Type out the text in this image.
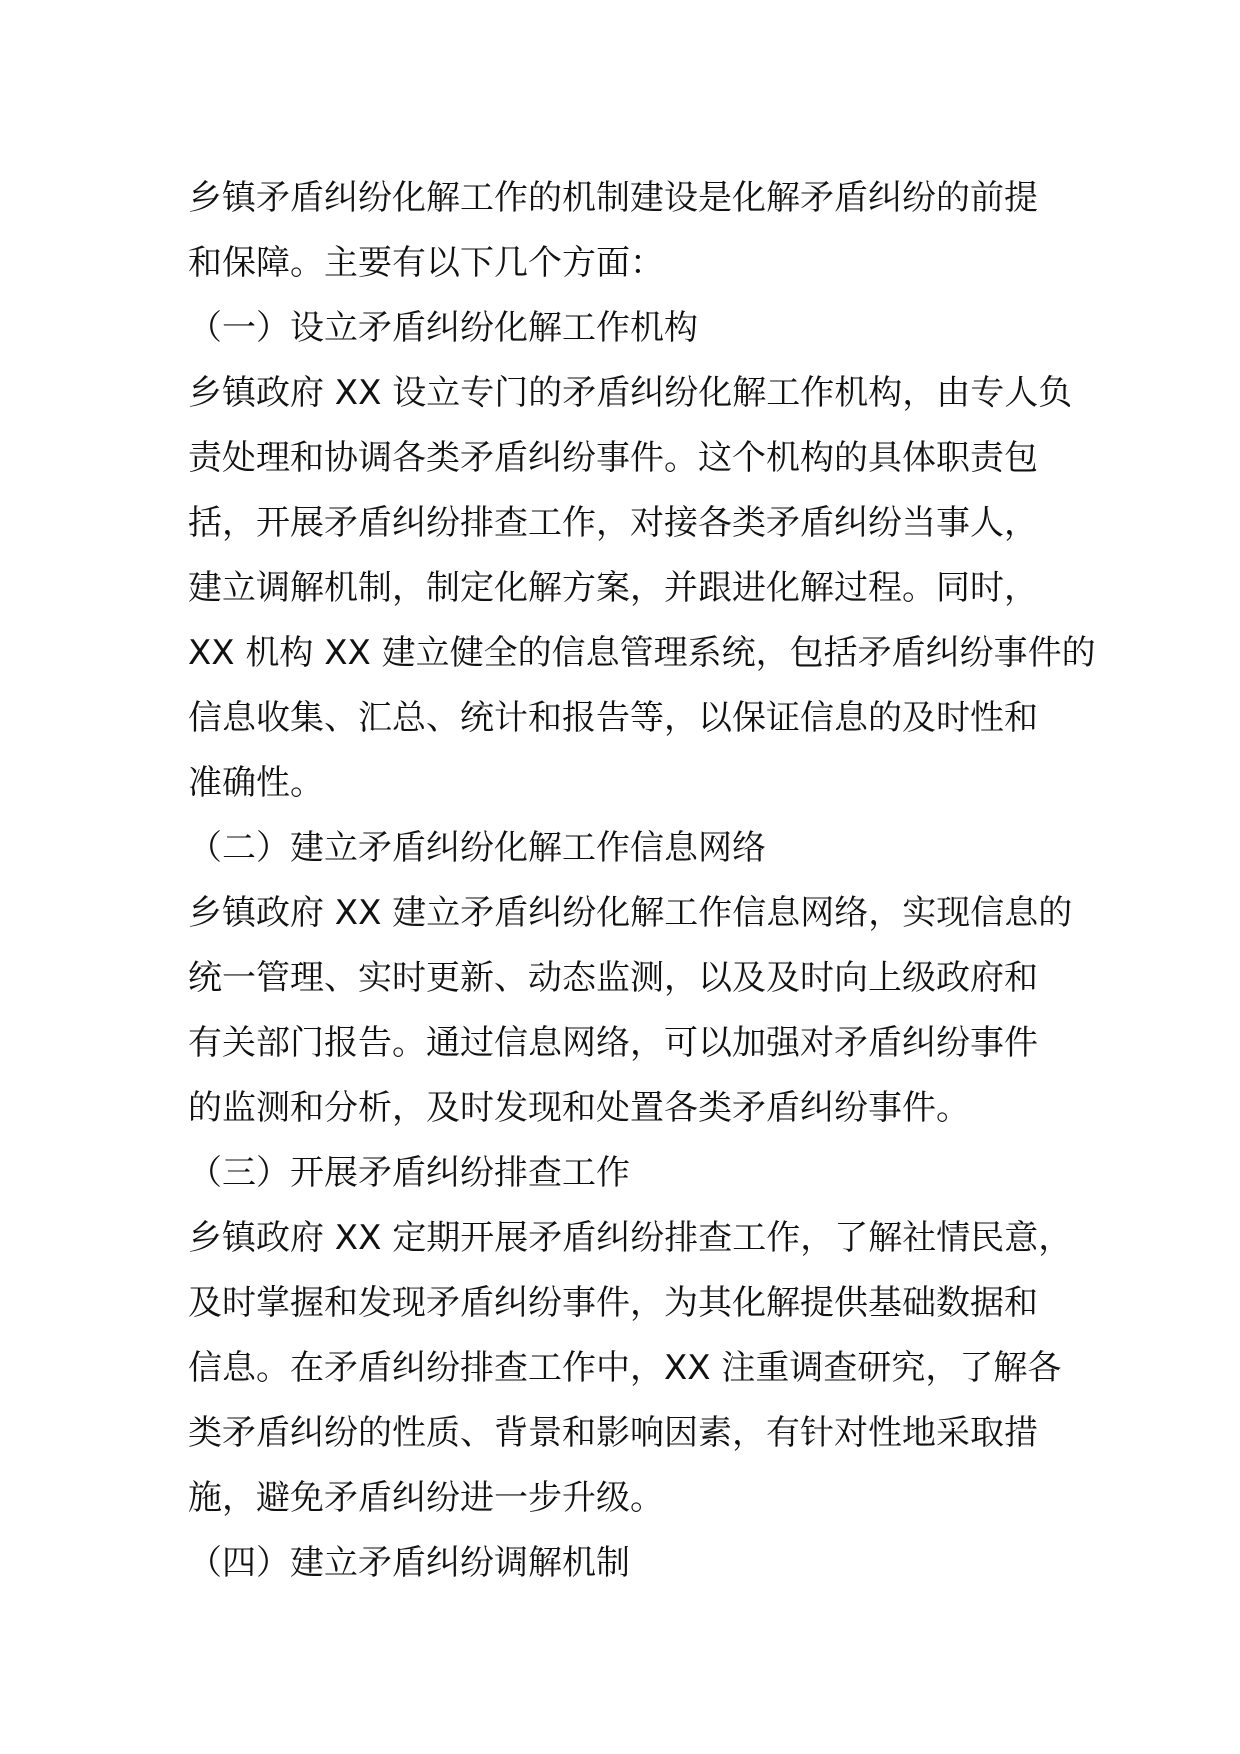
乡镇矛盾纠纷化解工作的机制建设是化解矛盾纠纷的前提
和保障。主要有以下几个方面：
（一）设立矛盾纠纷化解工作机构
乡镇政府 XX 设立专门的矛盾纠纷化解工作机构，由专人负
责处理和协调各类矛盾纠纷事件。这个机构的具体职责包
括，开展矛盾纠纷排查工作，对接各类矛盾纠纷当事人，
建立调解机制，制定化解方案，并跟进化解过程。同时，
XX 机构 XX 建立健全的信息管理系统，包括矛盾纠纷事件的
信息收集、汇总、统计和报告等，以保证信息的及时性和
准确性。
（二）建立矛盾纠纷化解工作信息网络
乡镇政府 XX 建立矛盾纠纷化解工作信息网络，实现信息的
统一管理、实时更新、动态监测，以及及时向上级政府和
有关部门报告。通过信息网络，可以加强对矛盾纠纷事件
的监测和分析，及时发现和处置各类矛盾纠纷事件。
（三）开展矛盾纠纷排查工作
乡镇政府 XX 定期开展矛盾纠纷排查工作，了解社情民意，
及时掌握和发现矛盾纠纷事件，为其化解提供基础数据和
信息。在矛盾纠纷排查工作中，XX 注重调查研究，了解各
类矛盾纠纷的性质、背景和影响因素，有针对性地采取措
施，避免矛盾纠纷进一步升级。
（四）建立矛盾纠纷调解机制
